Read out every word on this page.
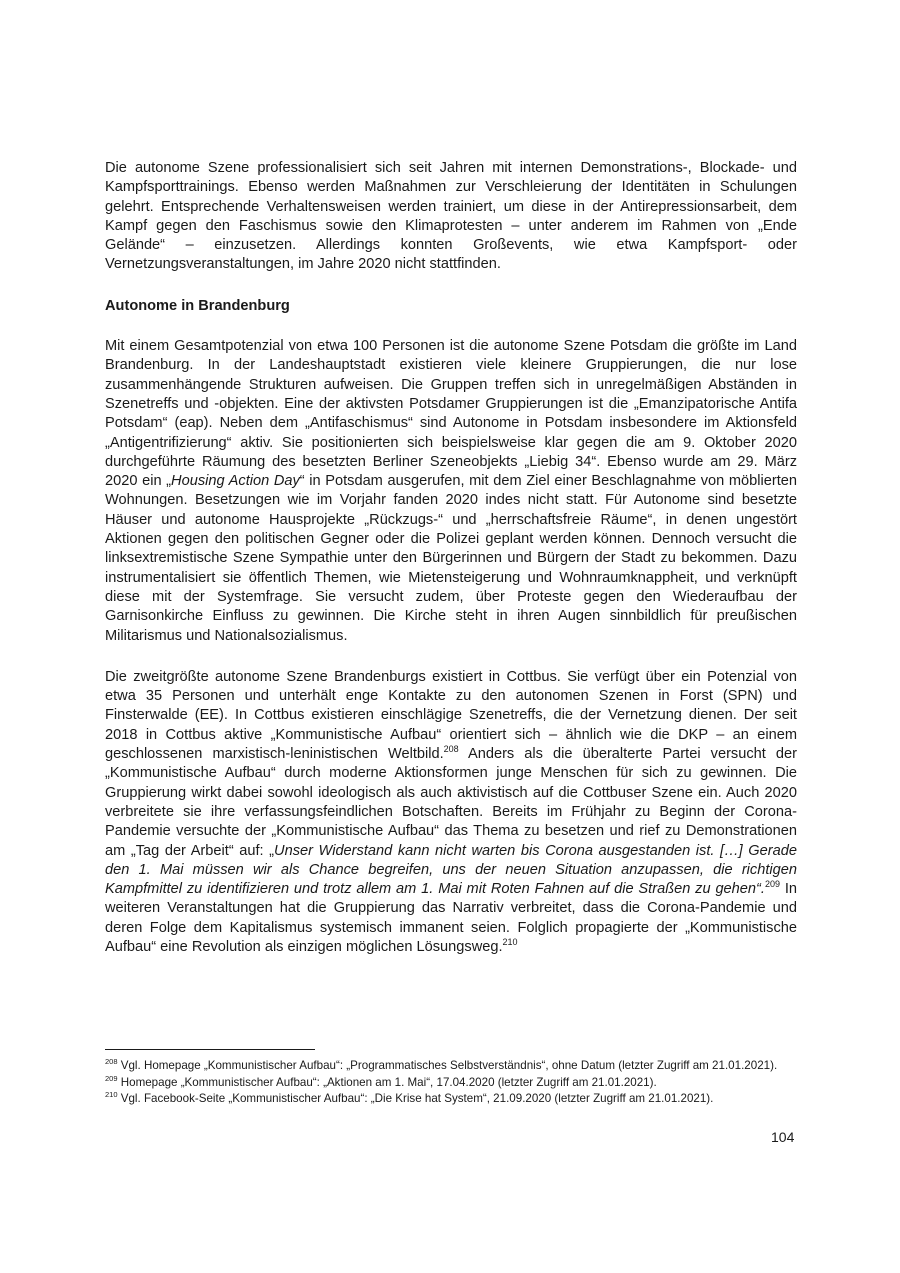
Die autonome Szene professionalisiert sich seit Jahren mit internen Demonstrations-, Blockade- und Kampfsporttrainings. Ebenso werden Maßnahmen zur Verschleierung der Identitäten in Schulungen gelehrt. Entsprechende Verhaltensweisen werden trainiert, um diese in der Antirepressionsarbeit, dem Kampf gegen den Faschismus sowie den Klimaprotesten – unter anderem im Rahmen von „Ende Gelände“ – einzusetzen. Allerdings konnten Großevents, wie etwa Kampfsport- oder Vernetzungsveranstaltungen, im Jahre 2020 nicht stattfinden.

Autonome in Brandenburg

Mit einem Gesamtpotenzial von etwa 100 Personen ist die autonome Szene Potsdam die größte im Land Brandenburg. In der Landeshauptstadt existieren viele kleinere Gruppierungen, die nur lose zusammenhängende Strukturen aufweisen. Die Gruppen treffen sich in unregelmäßigen Abständen in Szenetreffs und -objekten. Eine der aktivsten Potsdamer Gruppierungen ist die „Emanzipatorische Antifa Potsdam“ (eap). Neben dem „Antifaschismus“ sind Autonome in Potsdam insbesondere im Aktionsfeld „Antigentrifizierung“ aktiv. Sie positionierten sich beispielsweise klar gegen die am 9. Oktober 2020 durchgeführte Räumung des besetzten Berliner Szeneobjekts „Liebig 34“. Ebenso wurde am 29. März 2020 ein „Housing Action Day“ in Potsdam ausgerufen, mit dem Ziel einer Beschlagnahme von möblierten Wohnungen. Besetzungen wie im Vorjahr fanden 2020 indes nicht statt. Für Autonome sind besetzte Häuser und autonome Hausprojekte „Rückzugs-“ und „herrschaftsfreie Räume“, in denen ungestört Aktionen gegen den politischen Gegner oder die Polizei geplant werden können. Dennoch versucht die linksextremistische Szene Sympathie unter den Bürgerinnen und Bürgern der Stadt zu bekommen. Dazu instrumentalisiert sie öffentlich Themen, wie Mietensteigerung und Wohnraumknappheit, und verknüpft diese mit der Systemfrage. Sie versucht zudem, über Proteste gegen den Wiederaufbau der Garnisonkirche Einfluss zu gewinnen. Die Kirche steht in ihren Augen sinnbildlich für preußischen Militarismus und Nationalsozialismus.

Die zweitgrößte autonome Szene Brandenburgs existiert in Cottbus. Sie verfügt über ein Potenzial von etwa 35 Personen und unterhält enge Kontakte zu den autonomen Szenen in Forst (SPN) und Finsterwalde (EE). In Cottbus existieren einschlägige Szenetreffs, die der Vernetzung dienen. Der seit 2018 in Cottbus aktive „Kommunistische Aufbau“ orientiert sich – ähnlich wie die DKP – an einem geschlossenen marxistisch-leninistischen Weltbild.$^{208}$ Anders als die überalterte Partei versucht der „Kommunistische Aufbau“ durch moderne Aktionsformen junge Menschen für sich zu gewinnen. Die Gruppierung wirkt dabei sowohl ideologisch als auch aktivistisch auf die Cottbuser Szene ein. Auch 2020 verbreitete sie ihre verfassungsfeindlichen Botschaften. Bereits im Frühjahr zu Beginn der Corona-Pandemie versuchte der „Kommunistische Aufbau“ das Thema zu besetzen und rief zu Demonstrationen am „Tag der Arbeit“ auf: „Unser Widerstand kann nicht warten bis Corona ausgestanden ist. […] Gerade den 1. Mai müssen wir als Chance begreifen, uns der neuen Situation anzupassen, die richtigen Kampfmittel zu identifizieren und trotz allem am 1. Mai mit Roten Fahnen auf die Straßen zu gehen“.$^{209}$ In weiteren Veranstaltungen hat die Gruppierung das Narrativ verbreitet, dass die Corona-Pandemie und deren Folge dem Kapitalismus systemisch immanent seien. Folglich propagierte der „Kommunistische Aufbau“ eine Revolution als einzigen möglichen Lösungsweg.$^{210}$

$^{208}$ Vgl. Homepage „Kommunistischer Aufbau“: „Programmatisches Selbstverständnis“, ohne Datum (letzter Zugriff am 21.01.2021).
$^{209}$ Homepage „Kommunistischer Aufbau“: „Aktionen am 1. Mai“, 17.04.2020 (letzter Zugriff am 21.01.2021).
$^{210}$ Vgl. Facebook-Seite „Kommunistischer Aufbau“: „Die Krise hat System“, 21.09.2020 (letzter Zugriff am 21.01.2021).
104
